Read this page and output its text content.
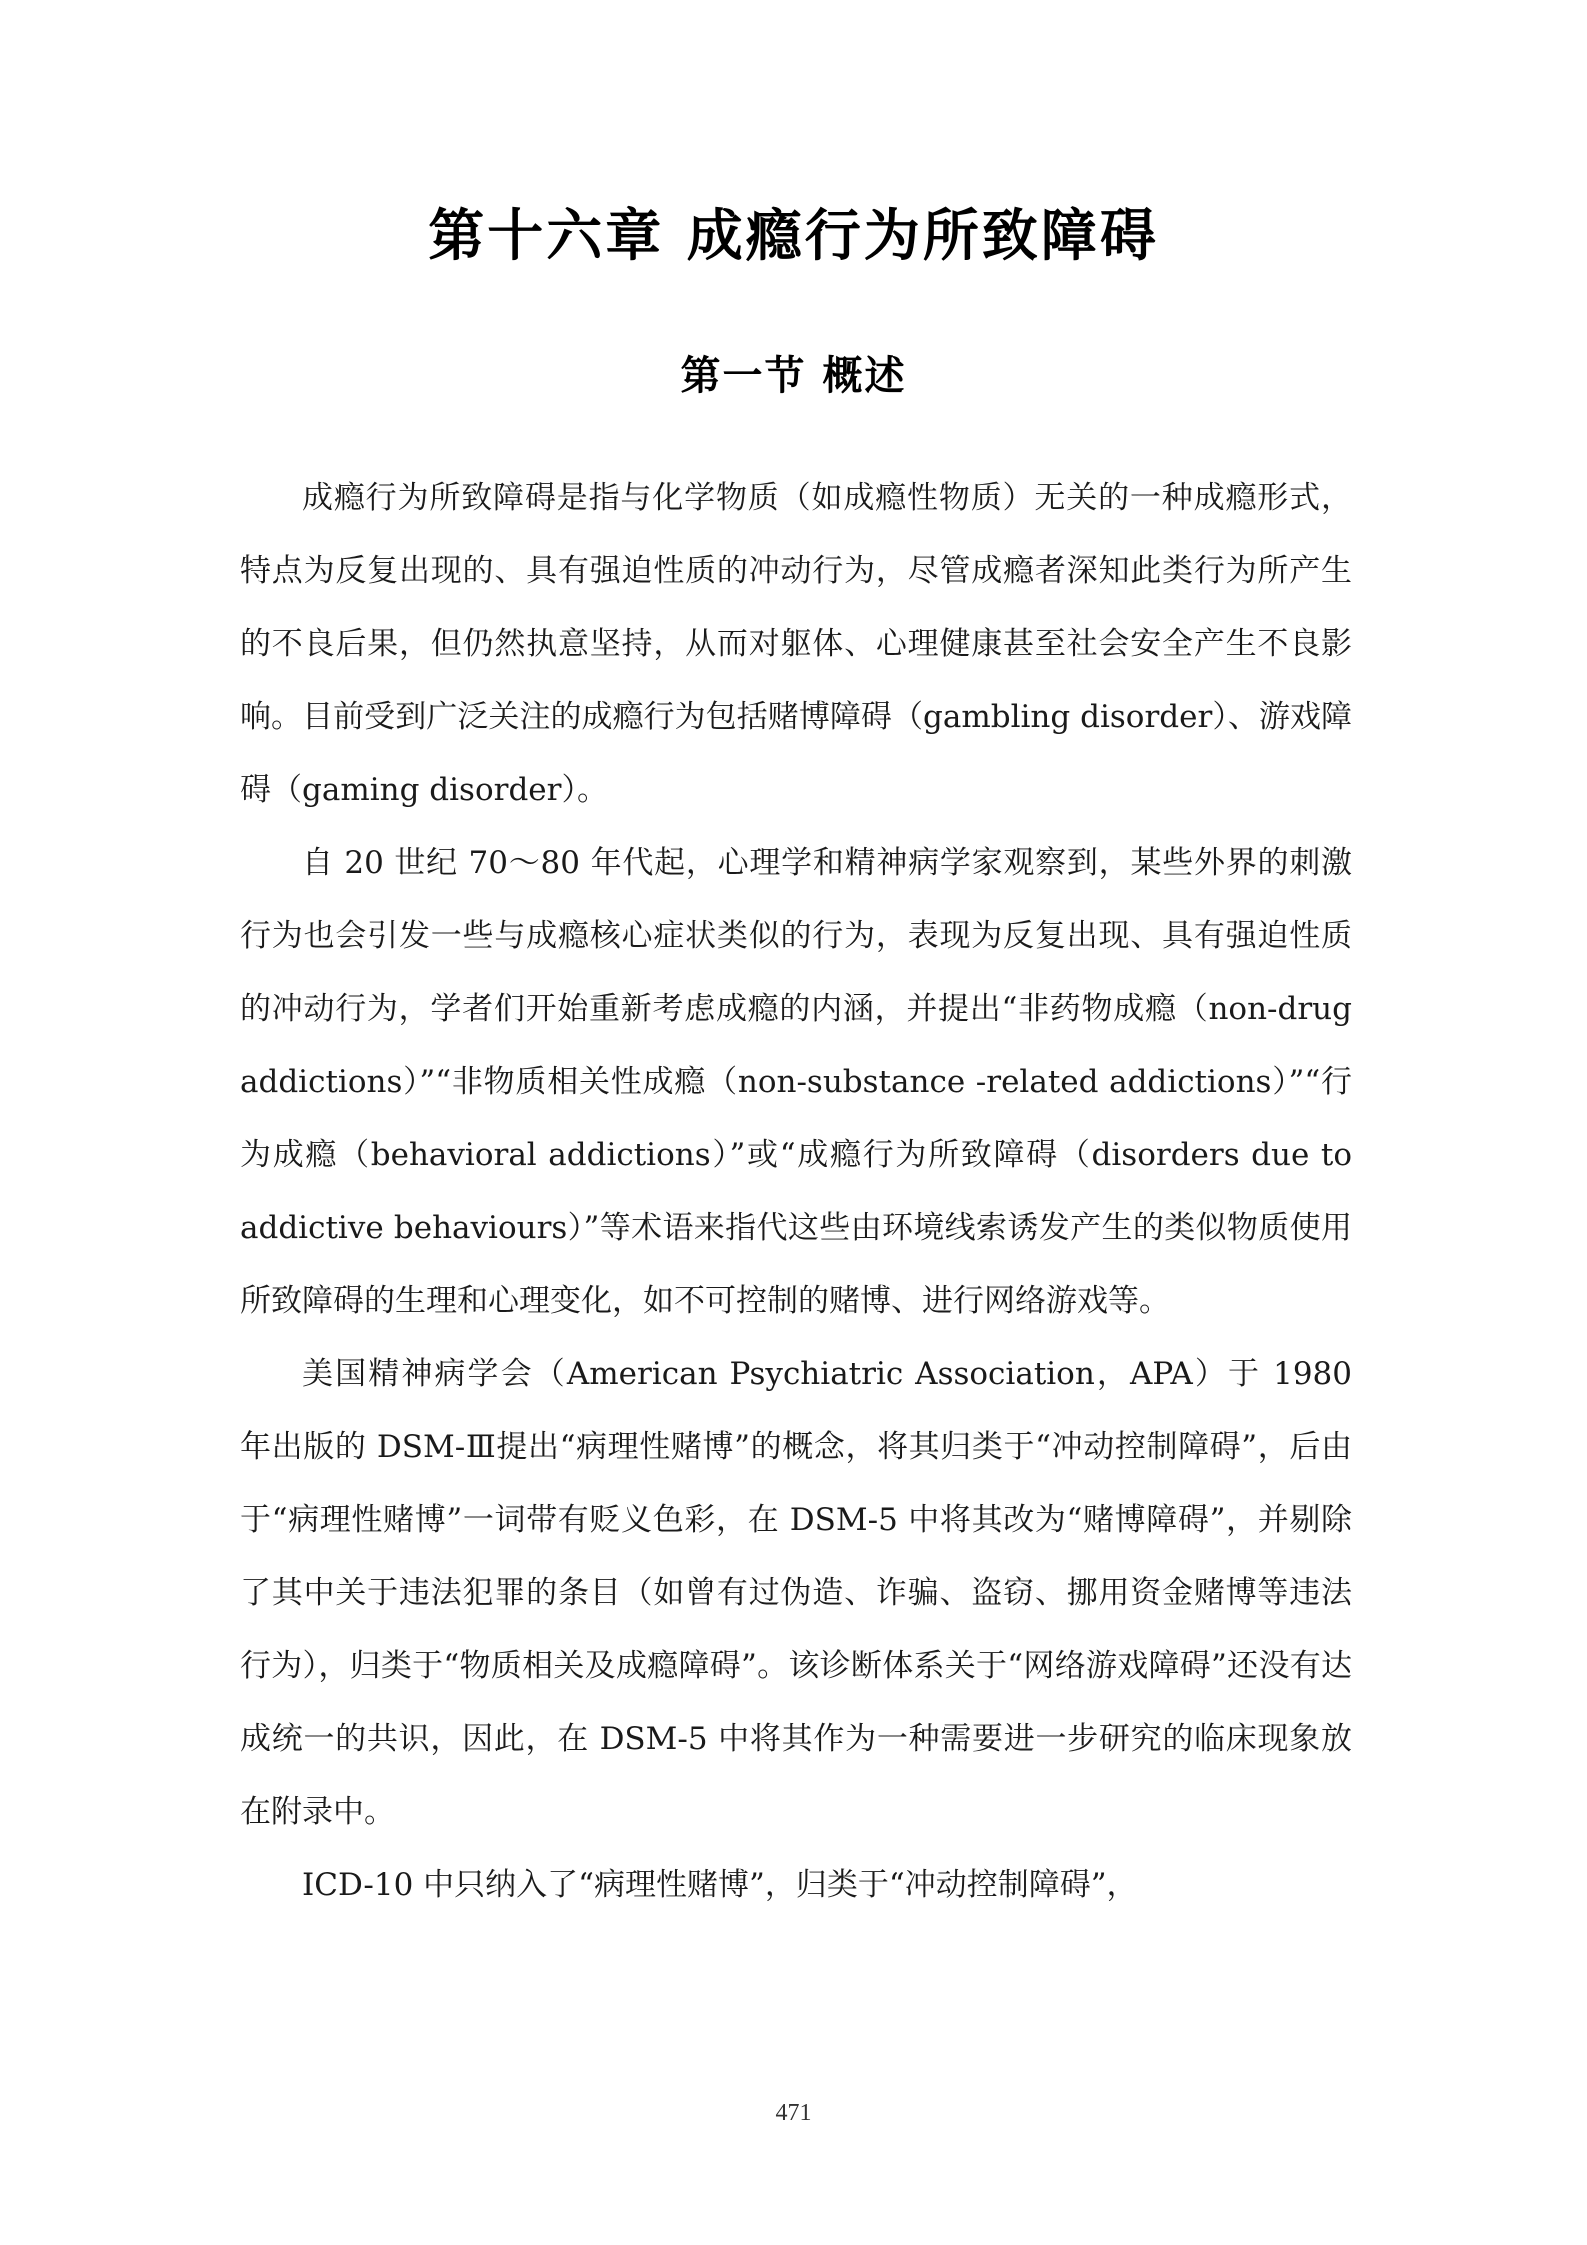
第十六章 成瘾行为所致障碍
第一节 概述

成瘾行为所致障碍是指与化学物质（如成瘾性物质）无关的一种成瘾形式，特点为反复出现的、具有强迫性质的冲动行为，尽管成瘾者深知此类行为所产生的不良后果，但仍然执意坚持，从而对躯体、心理健康甚至社会安全产生不良影响。目前受到广泛关注的成瘾行为包括赌博障碍（gambling disorder）、游戏障碍（gaming disorder）。

自 20 世纪 70～80 年代起，心理学和精神病学家观察到，某些外界的刺激行为也会引发一些与成瘾核心症状类似的行为，表现为反复出现、具有强迫性质的冲动行为，学者们开始重新考虑成瘾的内涵，并提出“非药物成瘾（non-drug addictions）”“非物质相关性成瘾（non-substance -related addictions）”“行为成瘾（behavioral addictions）”或“成瘾行为所致障碍（disorders due to addictive behaviours）”等术语来指代这些由环境线索诱发产生的类似物质使用所致障碍的生理和心理变化，如不可控制的赌博、进行网络游戏等。

美国精神病学会（American Psychiatric Association，APA）于 1980 年出版的 DSM-Ⅲ提出“病理性赌博”的概念，将其归类于“冲动控制障碍”，后由于“病理性赌博”一词带有贬义色彩，在 DSM-5 中将其改为“赌博障碍”，并剔除了其中关于违法犯罪的条目（如曾有过伪造、诈骗、盗窃、挪用资金赌博等违法行为），归类于“物质相关及成瘾障碍”。该诊断体系关于“网络游戏障碍”还没有达成统一的共识，因此，在 DSM-5 中将其作为一种需要进一步研究的临床现象放在附录中。

ICD-10 中只纳入了“病理性赌博”，归类于“冲动控制障碍”，

471
